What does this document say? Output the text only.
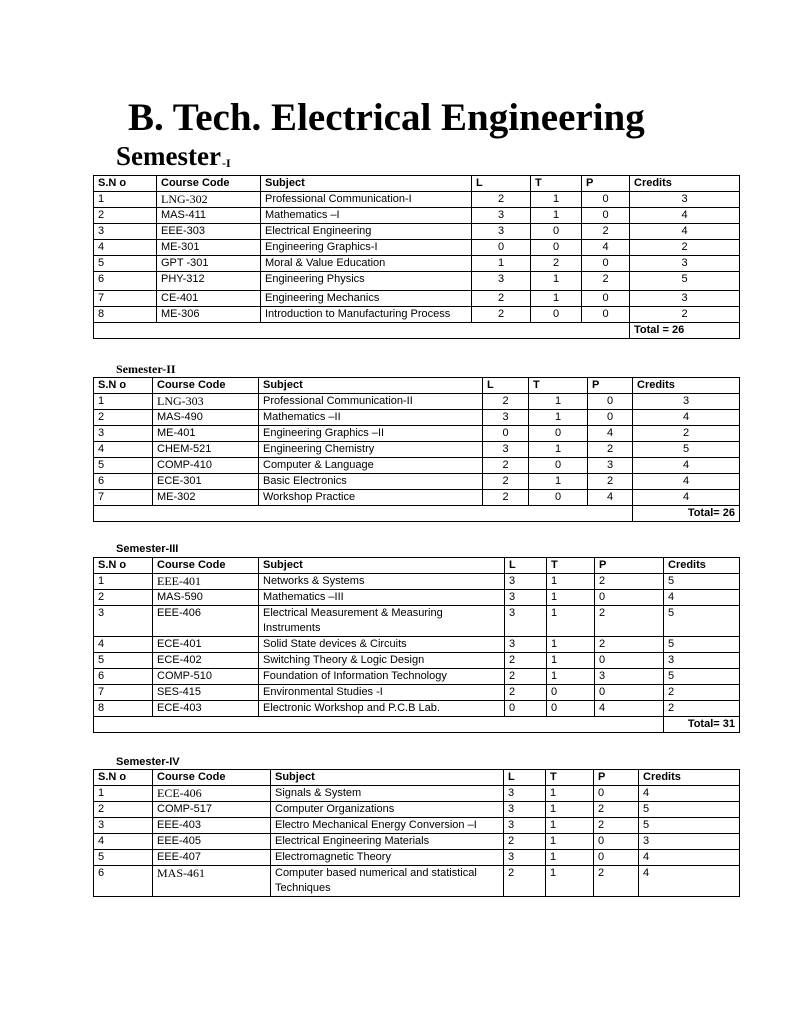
B. Tech. Electrical Engineering
Semester-I
S.N o	Course Code	Subject	L	T	P	Credits
1	LNG-302	Professional Communication-I	2	1	0	3
2	MAS-411	Mathematics –I	3	1	0	4
3	EEE-303	Electrical Engineering	3	0	2	4
4	ME-301	Engineering Graphics-I	0	0	4	2
5	GPT -301	Moral & Value Education	1	2	0	3
6	PHY-312	Engineering Physics	3	1	2	5
7	CE-401	Engineering Mechanics	2	1	0	3
8	ME-306	Introduction to Manufacturing Process	2	0	0	2
						Total = 26
Semester-II
S.N o	Course Code	Subject	L	T	P	Credits
1	LNG-303	Professional Communication-II	2	1	0	3
2	MAS-490	Mathematics –II	3	1	0	4
3	ME-401	Engineering Graphics –II	0	0	4	2
4	CHEM-521	Engineering Chemistry	3	1	2	5
5	COMP-410	Computer & Language	2	0	3	4
6	ECE-301	Basic Electronics	2	1	2	4
7	ME-302	Workshop Practice	2	0	4	4
						Total= 26
Semester-III
S.N o	Course Code	Subject	L	T	P	Credits
1	EEE-401	Networks & Systems	3	1	2	5
2	MAS-590	Mathematics –III	3	1	0	4
3	EEE-406	Electrical Measurement & Measuring Instruments	3	1	2	5
4	ECE-401	Solid State devices & Circuits	3	1	2	5
5	ECE-402	Switching Theory & Logic Design	2	1	0	3
6	COMP-510	Foundation of Information Technology	2	1	3	5
7	SES-415	Environmental Studies -I	2	0	0	2
8	ECE-403	Electronic Workshop and P.C.B Lab.	0	0	4	2
						Total= 31
Semester-IV
S.N o	Course Code	Subject	L	T	P	Credits
1	ECE-406	Signals & System	3	1	0	4
2	COMP-517	Computer Organizations	3	1	2	5
3	EEE-403	Electro Mechanical Energy Conversion –I	3	1	2	5
4	EEE-405	Electrical Engineering Materials	2	1	0	3
5	EEE-407	Electromagnetic Theory	3	1	0	4
6	MAS-461	Computer based numerical and statistical Techniques	2	1	2	4
